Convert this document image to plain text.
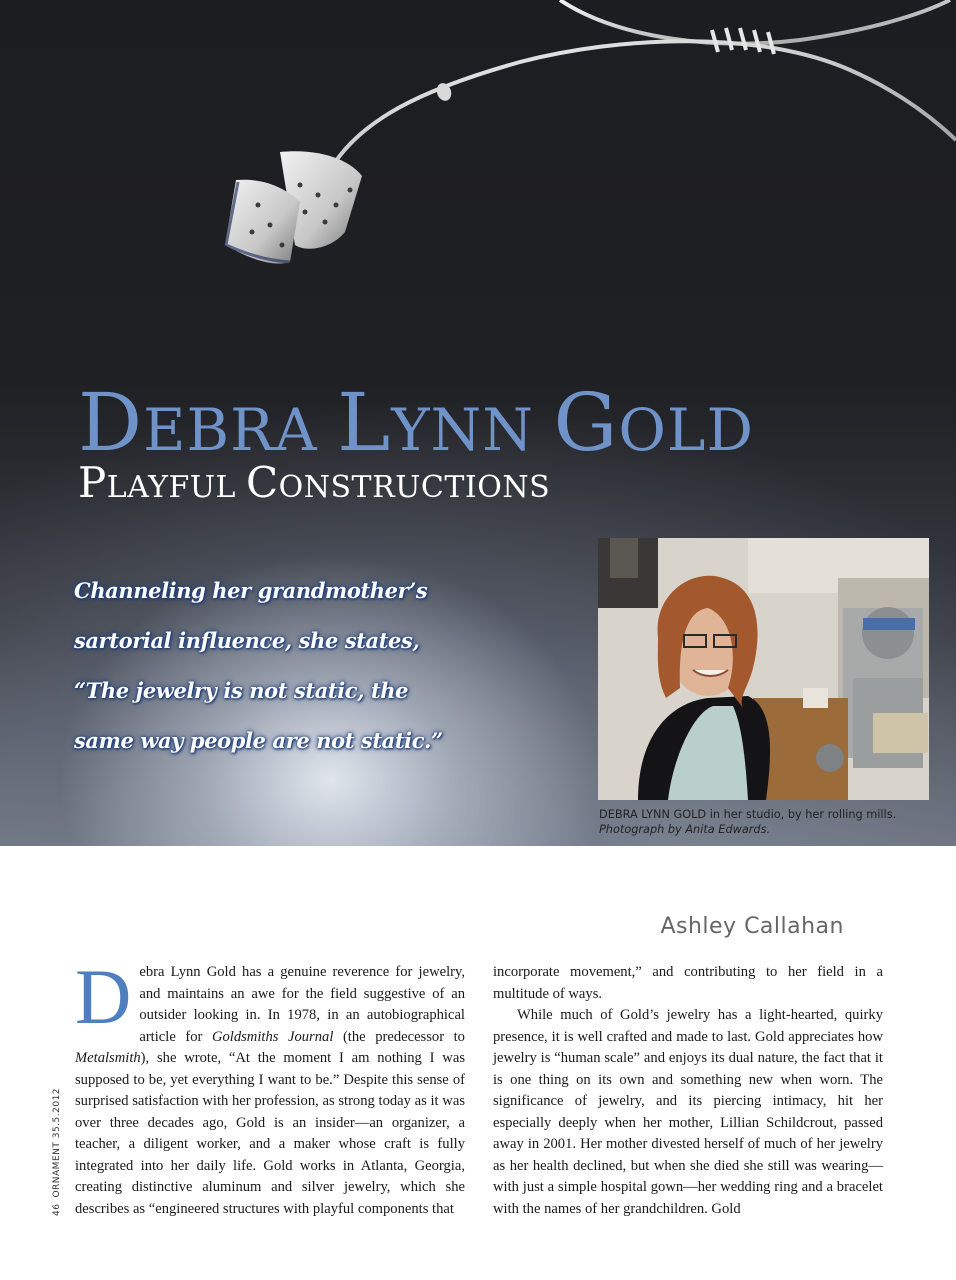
DEBRA LYNN GOLD
PLAYFUL CONSTRUCTIONS
Channeling her grandmother’s
sartorial influence, she states,
“The jewelry is not static, the
same way people are not static.”
DEBRA LYNN GOLD in her studio, by her rolling mills.
Photograph by Anita Edwards.
Ashley Callahan

Debra Lynn Gold has a genuine reverence for jewelry, and maintains an awe for the field suggestive of an outsider looking in. In 1978, in an autobiographical article for Goldsmiths Journal (the predecessor to Metalsmith), she wrote, “At the moment I am nothing I was supposed to be, yet everything I want to be.” Despite this sense of surprised satisfaction with her profession, as strong today as it was over three decades ago, Gold is an insider—an organizer, a teacher, a diligent worker, and a maker whose craft is fully integrated into her daily life. Gold works in Atlanta, Georgia, creating distinctive aluminum and silver jewelry, which she describes as “engineered structures with playful components that

incorporate movement,” and contributing to her field in a multitude of ways.

While much of Gold’s jewelry has a light-hearted, quirky presence, it is well crafted and made to last. Gold appreciates how jewelry is “human scale” and enjoys its dual nature, the fact that it is one thing on its own and something new when worn. The significance of jewelry, and its piercing intimacy, hit her especially deeply when her mother, Lillian Schildcrout, passed away in 2001. Her mother divested herself of much of her jewelry as her health declined, but when she died she still was wearing—with just a simple hospital gown—her wedding ring and a bracelet with the names of her grandchildren. Gold

46ORNAMENT 35.5.2012
